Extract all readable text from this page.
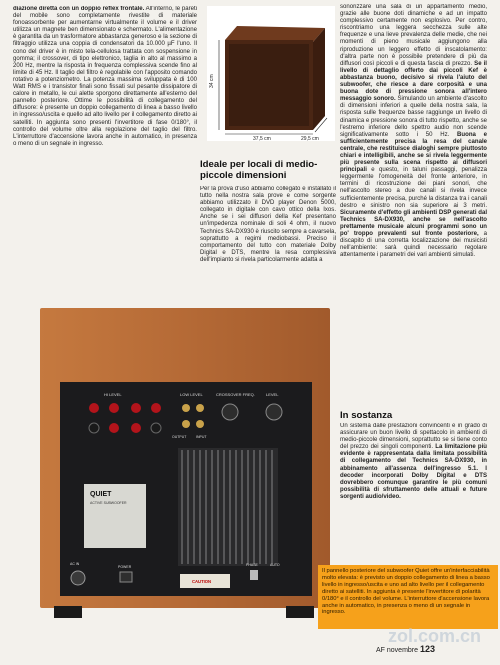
diazione diretta con un doppio reflex frontale. All'interno, le pareti del mobile sono completamente rivestite di materiale fonoassorbente per aumentarne virtualmente il volume e il driver utilizza un magnete ben dimensionato e schermato. L'alimentazione è garantita da un trasformatore abbastanza generoso e la sezione di filtraggio utilizza una coppia di condensatori da 10.000 µF l'uno. Il cono del driver è in misto tela-cellulosa trattata con sospensione in gomma; il crossover, di tipo elettronico, taglia in alto al massimo a 200 Hz, mentre la risposta in frequenza complessiva scende fino al limite di 45 Hz. Il taglio del filtro è regolabile con l'apposito comando rotativo a potenziometro. La potenza massima sviluppata è di 100 Watt RMS e i transistor finali sono fissati sul pesante dissipatore di calore in metallo, le cui alette sporgono direttamente all'esterno del pannello posteriore. Ottime le possibilità di collegamento del diffusore: è presente un doppio collegamento di linea a basso livello in ingresso/uscita e quello ad alto livello per il collegamento diretto ai satelliti. In aggiunta sono presenti l'invertitore di fase 0/180°, il controllo del volume oltre alla regolazione del taglio del filtro. L'interruttore d'accensione lavora anche in automatico, in presenza o meno di un segnale in ingresso.

34 cm
37,5 cm	29,5 cm
Ideale per locali di medio-piccole dimensioni

Per la prova d'uso abbiamo collegato e installato il tutto nella nostra sala prove e come sorgente abbiamo utilizzato il DVD player Denon 5000, collegato in digitale con cavo ottico della Ixos. Anche se i sei diffusori della Kef presentano un'impedenza nominale di soli 4 ohm, il nuovo Technics SA-DX930 è riuscito sempre a cavarsela, soprattutto a regimi mediobassi. Preciso il comportamento del tutto con materiale Dolby Digital e DTS, mentre la resa complessiva dell'impianto si rivela particolarmente adatta a

sonorizzare una sala di un appartamento medio, grazie alle buone doti dinamiche e ad un impatto complessivo certamente non esplosivo. Per contro, riscontriamo una leggera secchezza sulle alte frequenze e una lieve prevalenza delle medie, che nei momenti di pieno musicale aggiungono alla riproduzione un leggero effetto di inscatolamento: d'altra parte non è possibile pretendere di più da diffusori così piccoli e di questa fascia di prezzo. Se il livello di dettaglio offerto dai piccoli Kef è abbastanza buono, decisivo si rivela l'aiuto del subwoofer, che riesce a dare corposità e una buona dote di pressione sonora all'intero messaggio sonoro. Simulando un ambiente d'ascolto di dimensioni inferiori a quelle della nostra sala, la risposta sulle frequenze basse raggiunge un livello di dinamica e pressione sonora di tutto rispetto, anche se l'estremo inferiore dello spettro audio non scende significativamente sotto i 50 Hz. Buona e sufficientemente precisa la resa del canale centrale, che restituisce dialoghi sempre piuttosto chiari e intelligibili, anche se si rivela leggermente più presente sulla scena rispetto ai diffusori principali e questo, in taluni passaggi, penalizza leggermente l'omogeneità del fronte anteriore, in termini di ricostruzione dei piani sonori, che nell'ascolto stereo a due canali si rivela invece sufficientemente precisa, purché la distanza tra i canali destro e sinistro non sia superiore ai 3 metri. Sicuramente d'effetto gli ambienti DSP generati dal Technics SA-DX930, anche se nell'ascolto prettamente musicale alcuni programmi sono un po' troppo prevalenti sul fronte posteriore, a discapito di una corretta localizzazione dei musicisti nell'ambiente: sarà quindi necessario regolare attentamente i parametri dei vari ambienti simulati.

In sostanza

Un sistema dalle prestazioni convincenti e in grado di assicurare un buon livello di spettacolo in ambienti di medio-piccole dimensioni, soprattutto se si tiene conto del prezzo dei singoli componenti. La limitazione più evidente è rappresentata dalla limitata possibilità di collegamento del Technics SA-DX930, in abbinamento all'assenza dell'ingresso 5.1. I decoder incorporati Dolby Digital e DTS dovrebbero comunque garantire le più comuni possibilità di sfruttamento delle attuali e future sorgenti audio/video.

HI LEVEL	LOW LEVEL	CROSSOVER FREQ.	LEVEL
OUTPUT	INPUT
QUIET
ACTIVE SUBWOOFER
AC IN
POWER
CAUTION
PHASE	AUTO
Il pannello posteriore del subwoofer Quiet offre un'interfacciabilità molto elevata: è previsto un doppio collegamento di linea a basso livello in ingresso/uscita e uno ad alto livello per il collegamento diretto ai satelliti. In aggiunta è presente l'invertitore di polarità 0/180° e il controllo del volume. L'interruttore d'accensione lavora anche in automatico, in presenza o meno di un segnale in ingresso.
zol.com.cn
AF novembre 123
